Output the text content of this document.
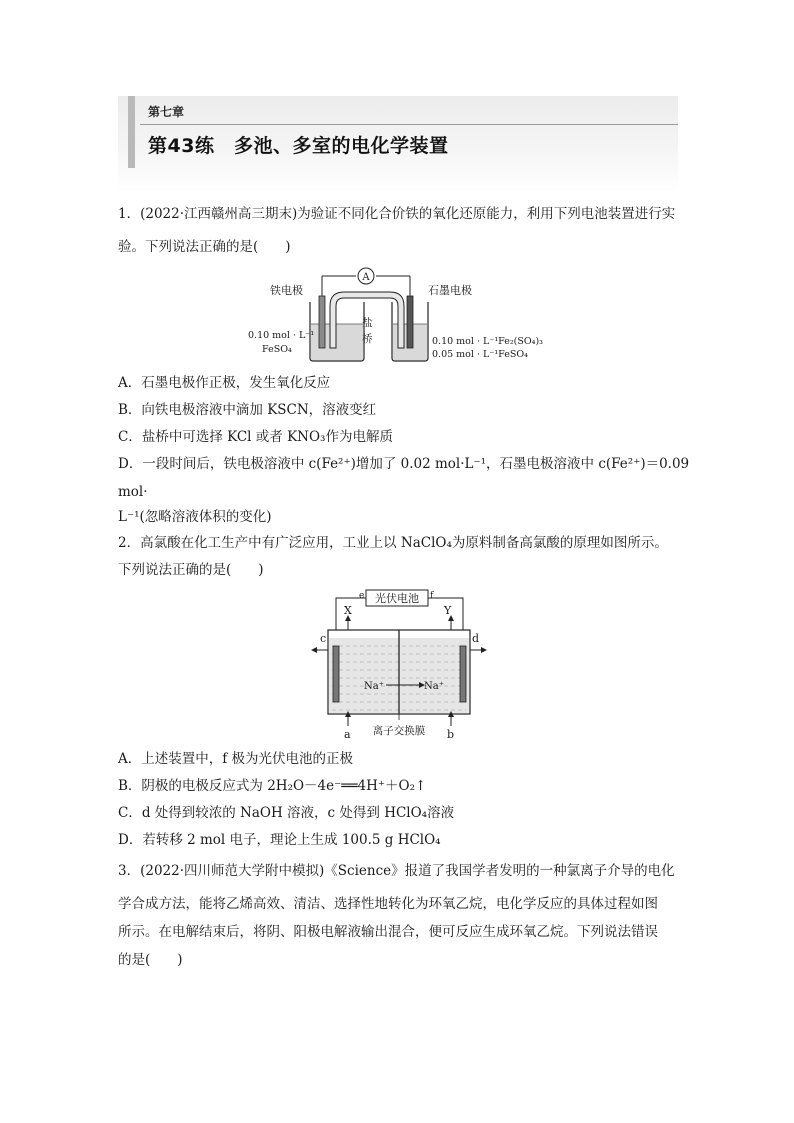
第七章
第43练　多池、多室的电化学装置
1．(2022·江西赣州高三期末)为验证不同化合价铁的氧化还原能力，利用下列电池装置进行实
验。下列说法正确的是(　　)
A
铁电极	石墨电极
0.10 mol · L⁻¹
FeSO₄
盐
桥	0.10 mol · L⁻¹Fe₂(SO₄)₃
0.05 mol · L⁻¹FeSO₄
A．石墨电极作正极，发生氧化反应
B．向铁电极溶液中滴加 KSCN，溶液变红
C．盐桥中可选择 KCl 或者 KNO₃作为电解质
D．一段时间后，铁电极溶液中 c(Fe²⁺)增加了 0.02 mol·L⁻¹，石墨电极溶液中 c(Fe²⁺)＝0.09
mol·
L⁻¹(忽略溶液体积的变化)
2．高氯酸在化工生产中有广泛应用，工业上以 NaClO₄为原料制备高氯酸的原理如图所示。
下列说法正确的是(　　)
光伏电池
e	f
X	Y
c	d
Na⁺	Na⁺
a	b
离子交换膜
A．上述装置中，f 极为光伏电池的正极
B．阴极的电极反应式为 2H₂O－4e⁻══4H⁺＋O₂↑
C．d 处得到较浓的 NaOH 溶液，c 处得到 HClO₄溶液
D．若转移 2 mol 电子，理论上生成 100.5 g HClO₄
3．(2022·四川师范大学附中模拟)《Science》报道了我国学者发明的一种氯离子介导的电化
学合成方法，能将乙烯高效、清洁、选择性地转化为环氧乙烷，电化学反应的具体过程如图
所示。在电解结束后，将阴、阳极电解液输出混合，便可反应生成环氧乙烷。下列说法错误
的是(　　)
